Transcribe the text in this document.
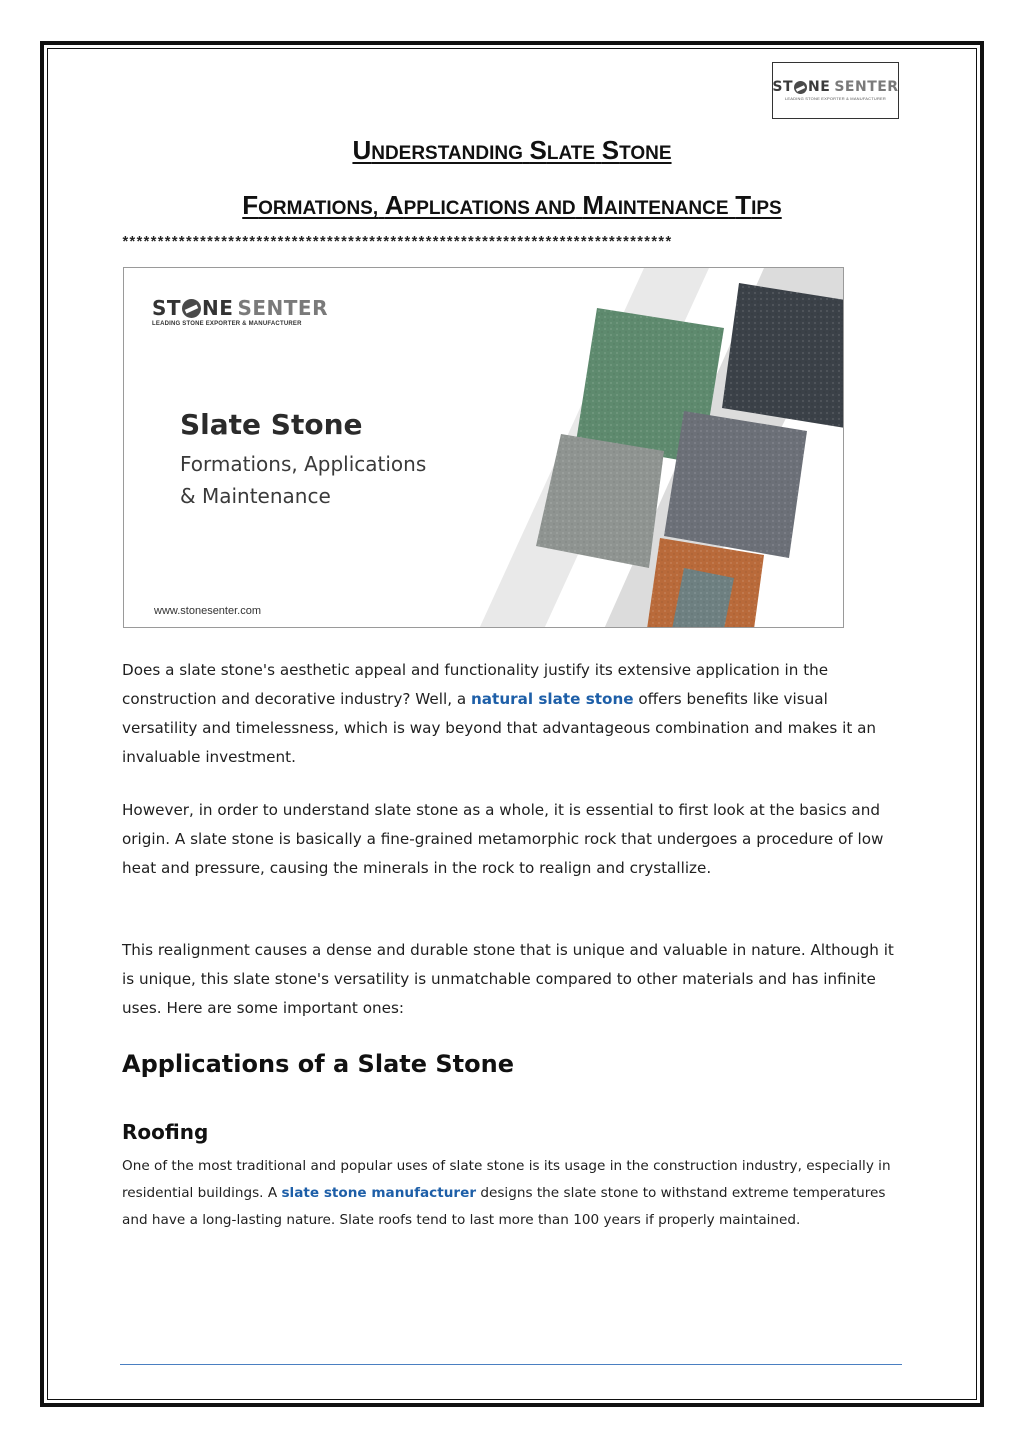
ST NE SENTER
LEADING STONE EXPORTER & MANUFACTURER
UNDERSTANDING SLATE STONE
FORMATIONS, APPLICATIONS AND MAINTENANCE TIPS
******************************************************************************
ST NE SENTER
LEADING STONE EXPORTER & MANUFACTURER
Slate Stone
Formations, Applications
& Maintenance
www.stonesenter.com

Does a slate stone's aesthetic appeal and functionality justify its extensive application in the construction and decorative industry? Well, a natural slate stone offers benefits like visual versatility and timelessness, which is way beyond that advantageous combination and makes it an invaluable investment.

However, in order to understand slate stone as a whole, it is essential to first look at the basics and origin. A slate stone is basically a fine-grained metamorphic rock that undergoes a procedure of low heat and pressure, causing the minerals in the rock to realign and crystallize.

This realignment causes a dense and durable stone that is unique and valuable in nature. Although it is unique, this slate stone's versatility is unmatchable compared to other materials and has infinite uses. Here are some important ones:

Applications of a Slate Stone
Roofing

One of the most traditional and popular uses of slate stone is its usage in the construction industry, especially in residential buildings. A slate stone manufacturer designs the slate stone to withstand extreme temperatures and have a long-lasting nature. Slate roofs tend to last more than 100 years if properly maintained.
